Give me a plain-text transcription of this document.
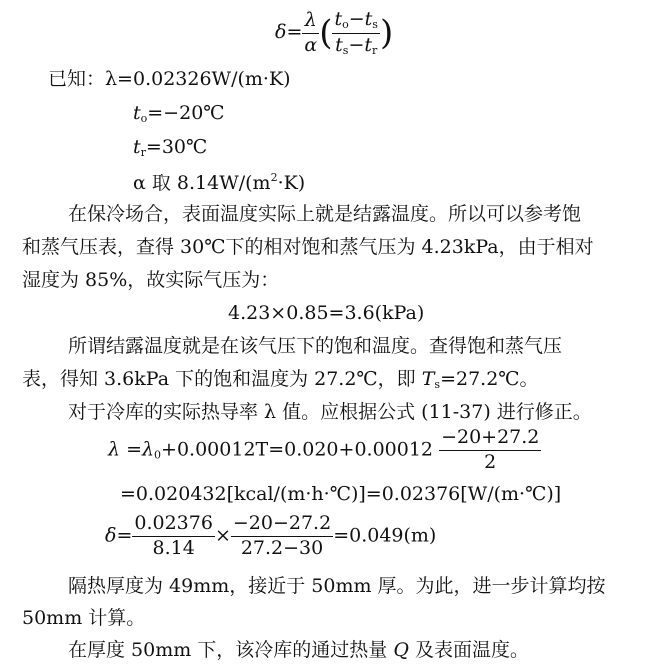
$\delta= \frac{\lambda}{\alpha}$ ( $\frac{t_o-t_s}{t_s-t_r}$ )
已知：λ=0.02326W/(m·K)
$t_o=-20℃$
$t_r=30℃$
α 取 $8.14W/(m^2\cdot K)$
在保冷场合，表面温度实际上就是结露温度。所以可以参考饱
和蒸气压表，查得 30℃下的相对饱和蒸气压为 4.23kPa，由于相对
湿度为 85%，故实际气压为：
4.23×0.85=3.6(kPa)
所谓结露温度就是在该气压下的饱和温度。查得饱和蒸气压
表，得知 3.6kPa 下的饱和温度为 27.2℃，即 $T_s=27.2℃$。
对于冷库的实际热导率 λ 值。应根据公式 (11-37) 进行修正。
$\lambda =\lambda_0+0.00012T=0.020+0.00012 \frac{-20+27.2}{2}$
=0.020432[kcal/(m·h·℃)]=0.02376[W/(m·℃)]
$\delta= \frac{0.02376}{8.14} \times \frac{-20-27.2}{27.2-30} =0.049(m)$
隔热厚度为 49mm，接近于 50mm 厚。为此，进一步计算均按
50mm 计算。
在厚度 50mm 下，该冷库的通过热量 Q 及表面温度。
